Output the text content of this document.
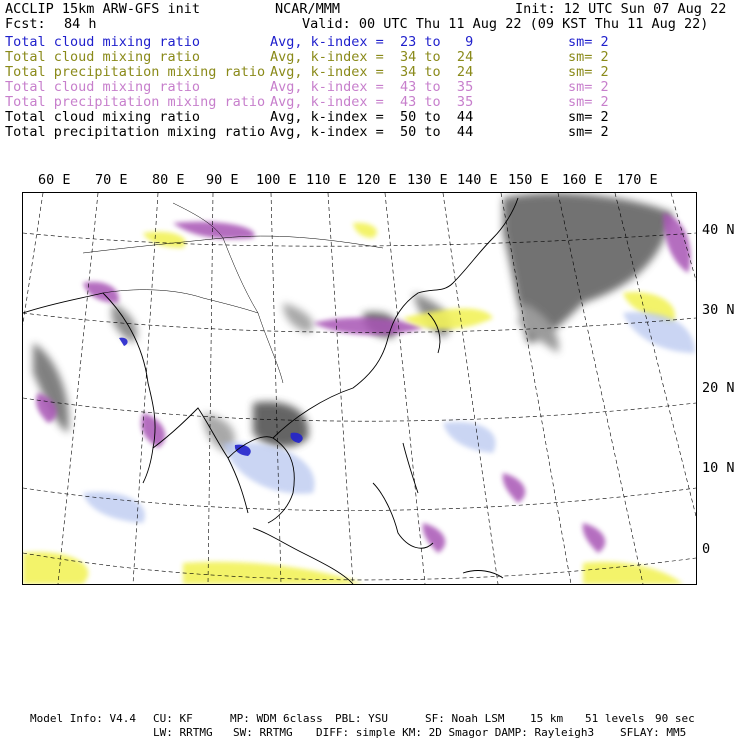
ACCLIP 15km ARW-GFS init	NCAR/MMM	Init: 12 UTC Sun 07 Aug 22
Fcst: 84 h	Valid: 00 UTC Thu 11 Aug 22 (09 KST Thu 11 Aug 22)
Total cloud mixing ratio	Avg, k-index =  23 to   9	sm= 2
Total cloud mixing ratio	Avg, k-index =  34 to  24	sm= 2
Total precipitation mixing ratio Avg, k-index =  34 to  24	sm= 2
Total cloud mixing ratio	Avg, k-index =  43 to  35	sm= 2
Total precipitation mixing ratio Avg, k-index =  43 to  35	sm= 2
Total cloud mixing ratio	Avg, k-index =  50 to  44	sm= 2
Total precipitation mixing ratio Avg, k-index =  50 to  44	sm= 2
60 E 70 E 80 E 90 E 100 E 110 E 120 E 130 E 140 E 150 E 160 E 170 E
40 N
30 N
20 N
10 N
0
Model Info: V4.4 CU: KF	MP: WDM 6class PBL: YSU	SF: Noah LSM 15 km 51 levels 90 sec
LW: RRTMG SW: RRTMG DIFF: simple KM: 2D Smagor DAMP: Rayleigh3 SFLAY: MM5
